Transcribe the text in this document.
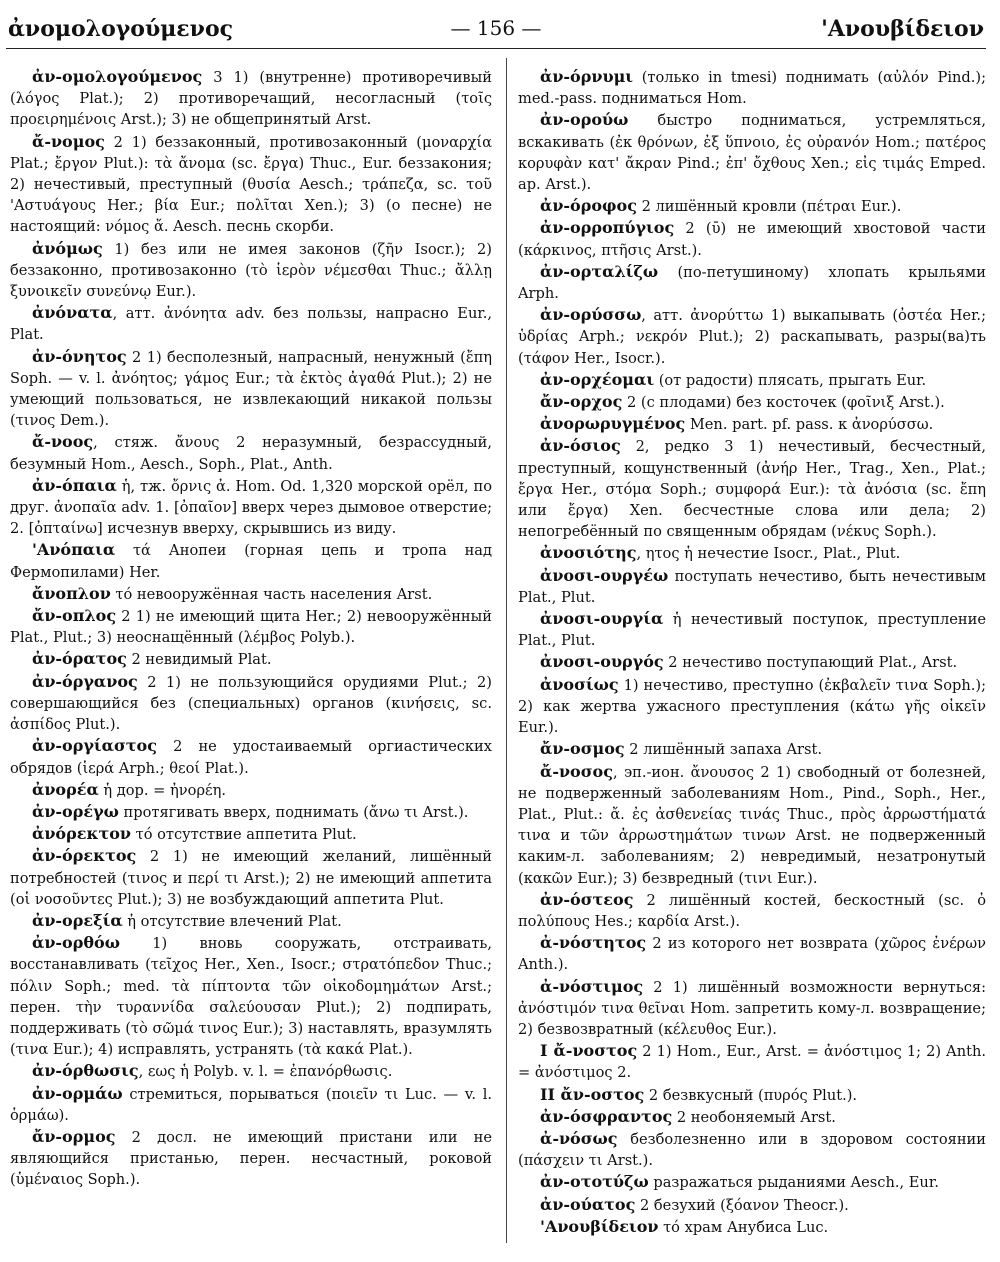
ἀνομολογούμενος	— 156 —	'Ανουβίδειον

ἀν-ομολογούμενος 3 1) (внутренне) противоречивый (λόγος Plat.); 2) противоречащий, несогласный (τοῖς προειρημένοις Arst.); 3) не общепринятый Arst.

ἄ-νομος 2 1) беззаконный, противозаконный (μοναρχία Plat.; ἔργον Plut.): τὰ ἄνομα (sc. ἔργα) Thuc., Eur. беззакония; 2) нечестивый, преступный (θυσία Aesch.; τράπεζα, sc. τοῦ 'Αστυάγους Her.; βία Eur.; πολῖται Xen.); 3) (о песне) не настоящий: νόμος ἄ. Aesch. песнь скорби.

ἀνόμως 1) без или не имея законов (ζῆν Isocr.); 2) беззаконно, противозаконно (τὸ ἱερὸν νέμεσθαι Thuc.; ἄλλῃ ξυνοικεῖν συνεύνῳ Eur.).

ἀνόνατα, атт. ἀνόνητα adv. без пользы, напрасно Eur., Plat.

ἀν-όνητος 2 1) бесполезный, напрасный, ненужный (ἔπη Soph. — v. l. ἀνόητος; γάμος Eur.; τὰ ἐκτὸς ἀγαθά Plut.); 2) не умеющий пользоваться, не извлекающий никакой пользы (τινος Dem.).

ἄ-νοος, стяж. ἄνους 2 неразумный, безрассудный, безумный Hom., Aesch., Soph., Plat., Anth.

ἀν-όπαια ἡ, тж. ὄρνις ἀ. Hom. Od. 1,320 морской орёл, по друг. ἀνοπαῖα adv. 1. [ὀπαῖον] вверх через дымовое отверстие; 2. [ὀπταίνω] исчезнув вверху, скрывшись из виду.

'Ανόπαια τά Анопеи (горная цепь и тропа над Фермопилами) Her.

ἄνοπλον τό невооружённая часть населения Arst.

ἄν-οπλος 2 1) не имеющий щита Her.; 2) невооружённый Plat., Plut.; 3) неоснащённый (λέμβος Polyb.).

ἀν-όρατος 2 невидимый Plat.

ἀν-όργανος 2 1) не пользующийся орудиями Plut.; 2) совершающийся без (специальных) органов (κινήσεις, sc. ἀσπίδος Plut.).

ἀν-οργίαστος 2 не удостаиваемый оргиастических обрядов (ἱερά Arph.; θεοί Plat.).

ἀνορέα ἡ дор. = ἠνορέη.

ἀν-ορέγω протягивать вверх, поднимать (ἄνω τι Arst.).

ἀνόρεκτον τό отсутствие аппетита Plut.

ἀν-όρεκτος 2 1) не имеющий желаний, лишённый потребностей (τινος и περί τι Arst.); 2) не имеющий аппетита (οἱ νοσοῦντες Plut.); 3) не возбуждающий аппетита Plut.

ἀν-ορεξία ἡ отсутствие влечений Plat.

ἀν-ορθόω 1) вновь сооружать, отстраивать, восстанавливать (τεῖχος Her., Xen., Isocr.; στρατόπεδον Thuc.; πόλιν Soph.; med. τὰ πίπτοντα τῶν οἰκοδομημάτων Arst.; перен. τὴν τυραννίδα σαλεύουσαν Plut.); 2) подпирать, поддерживать (τὸ σῶμά τινος Eur.); 3) наставлять, вразумлять (τινα Eur.); 4) исправлять, устранять (τὰ κακά Plat.).

ἀν-όρθωσις, εως ἡ Polyb. v. l. = ἐπανόρθωσις.

ἀν-ορμάω стремиться, порываться (ποιεῖν τι Luc. — v. l. ὁρμάω).

ἄν-ορμος 2 досл. не имеющий пристани или не являющийся пристанью, перен. несчастный, роковой (ὑμέναιος Soph.).

ἀν-όρνυμι (только in tmesi) поднимать (αὐλόν Pind.); med.-pass. подниматься Hom.

ἀν-ορούω быстро подниматься, устремляться, вскакивать (ἐκ θρόνων, ἐξ ὕπνοιο, ἐς οὐρανόν Hom.; πατέρος κορυφὰν κατ' ἄκραν Pind.; ἐπ' ὄχθους Xen.; εἰς τιμάς Emped. ap. Arst.).

ἀν-όροφος 2 лишённый кровли (πέτραι Eur.).

ἀν-ορροπύγιος 2 (ῡ) не имеющий хвостовой части (κάρκινος, πτῆσις Arst.).

ἀν-ορταλίζω (по-петушиному) хлопать крыльями Arph.

ἀν-ορύσσω, атт. ἀνορύττω 1) выкапывать (ὀστέα Her.; ὑδρίας Arph.; νεκρόν Plut.); 2) раскапывать, разры(ва)ть (τάφον Her., Isocr.).

ἀν-ορχέομαι (от радости) плясать, прыгать Eur.

ἄν-ορχος 2 (с плодами) без косточек (φοῖνιξ Arst.).

ἀνορωρυγμένος Men. part. pf. pass. к ἀνορύσσω.

ἀν-όσιος 2, редко 3 1) нечестивый, бесчестный, преступный, кощунственный (ἀνήρ Her., Trag., Xen., Plat.; ἔργα Her., στόμα Soph.; συμφορά Eur.): τὰ ἀνόσια (sc. ἔπη или ἔργα) Xen. бесчестные слова или дела; 2) непогребённый по священным обрядам (νέκυς Soph.).

ἀνοσιότης, ητος ἡ нечестие Isocr., Plat., Plut.

ἀνοσι-ουργέω поступать нечестиво, быть нечестивым Plat., Plut.

ἀνοσι-ουργία ἡ нечестивый поступок, преступление Plat., Plut.

ἀνοσι-ουργός 2 нечестиво поступающий Plat., Arst.

ἀνοσίως 1) нечестиво, преступно (ἐκβαλεῖν τινα Soph.); 2) как жертва ужасного преступления (κάτω γῆς οἰκεῖν Eur.).

ἄν-οσμος 2 лишённый запаха Arst.

ἄ-νοσος, эп.-ион. ἄνουσος 2 1) свободный от болезней, не подверженный заболеваниям Hom., Pind., Soph., Her., Plat., Plut.: ἄ. ἐς ἀσθενείας τινάς Thuc., πρὸς ἀρρωστήματά τινα и τῶν ἀρρωστημάτων τινων Arst. не подверженный каким-л. заболеваниям; 2) невредимый, незатронутый (κακῶν Eur.); 3) безвредный (τινι Eur.).

ἀν-όστεος 2 лишённый костей, бескостный (sc. ὁ πολύπους Hes.; καρδία Arst.).

ἀ-νόστητος 2 из которого нет возврата (χῶρος ἐνέρων Anth.).

ἀ-νόστιμος 2 1) лишённый возможности вернуться: ἀνόστιμόν τινα θεῖναι Hom. запретить кому-л. возвращение; 2) безвозвратный (κέλευθος Eur.).

I ἄ-νοστος 2 1) Hom., Eur., Arst. = ἀνόστιμος 1; 2) Anth. = ἀνόστιμος 2.

II ἄν-οστος 2 безвкусный (πυρός Plut.).

ἀν-όσφραντος 2 необоняемый Arst.

ἀ-νόσως безболезненно или в здоровом состоянии (πάσχειν τι Arst.).

ἀν-οτοτύζω разражаться рыданиями Aesch., Eur.

ἀν-ούατος 2 безухий (ξόανον Theocr.).

'Ανουβίδειον τό храм Анубиса Luc.
